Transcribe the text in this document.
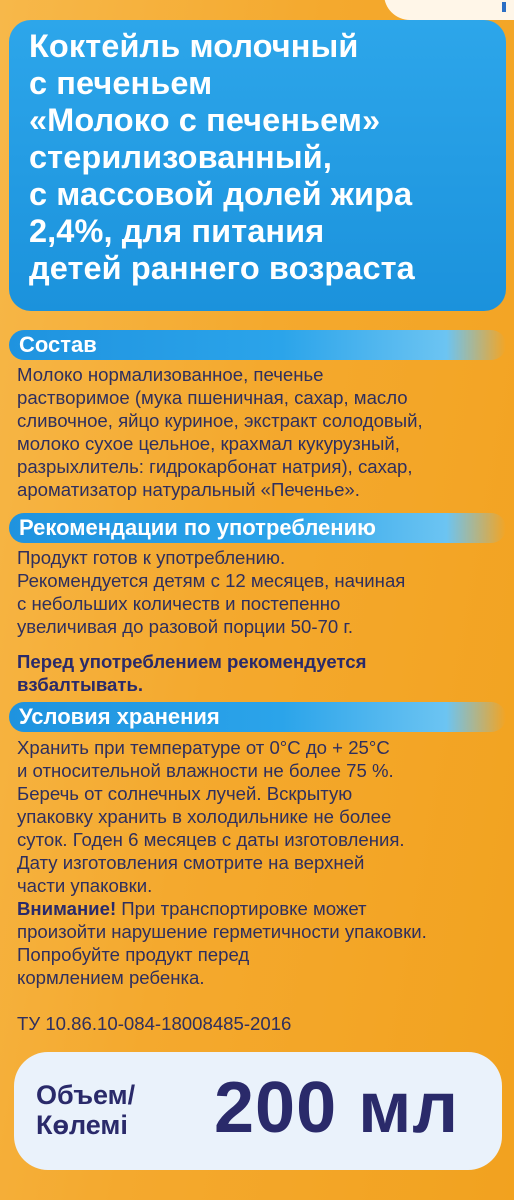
Коктейль молочный
с печеньем
«Молоко с печеньем»
стерилизованный,
с массовой долей жира
2,4%, для питания
детей раннего возраста
Состав
Молоко нормализованное, печенье
растворимое (мука пшеничная, сахар, масло
сливочное, яйцо куриное, экстракт солодовый,
молоко сухое цельное, крахмал кукурузный,
разрыхлитель: гидрокарбонат натрия), сахар,
ароматизатор натуральный «Печенье».
Рекомендации по употреблению
Продукт готов к употреблению.
Рекомендуется детям с 12 месяцев, начиная
с небольших количеств и постепенно
увеличивая до разовой порции 50-70 г.
Перед употреблением рекомендуется
взбалтывать.
Условия хранения
Хранить при температуре от 0°С до + 25°С
и относительной влажности не более 75 %.
Беречь от солнечных лучей. Вскрытую
упаковку хранить в холодильнике не более
суток. Годен 6 месяцев с даты изготовления.
Дату изготовления смотрите на верхней
части упаковки.
Внимание! При транспортировке может
произойти нарушение герметичности упаковки.
Попробуйте продукт перед
кормлением ребенка.
ТУ 10.86.10-084-18008485-2016
Объем/
Көлемі 200 мл
